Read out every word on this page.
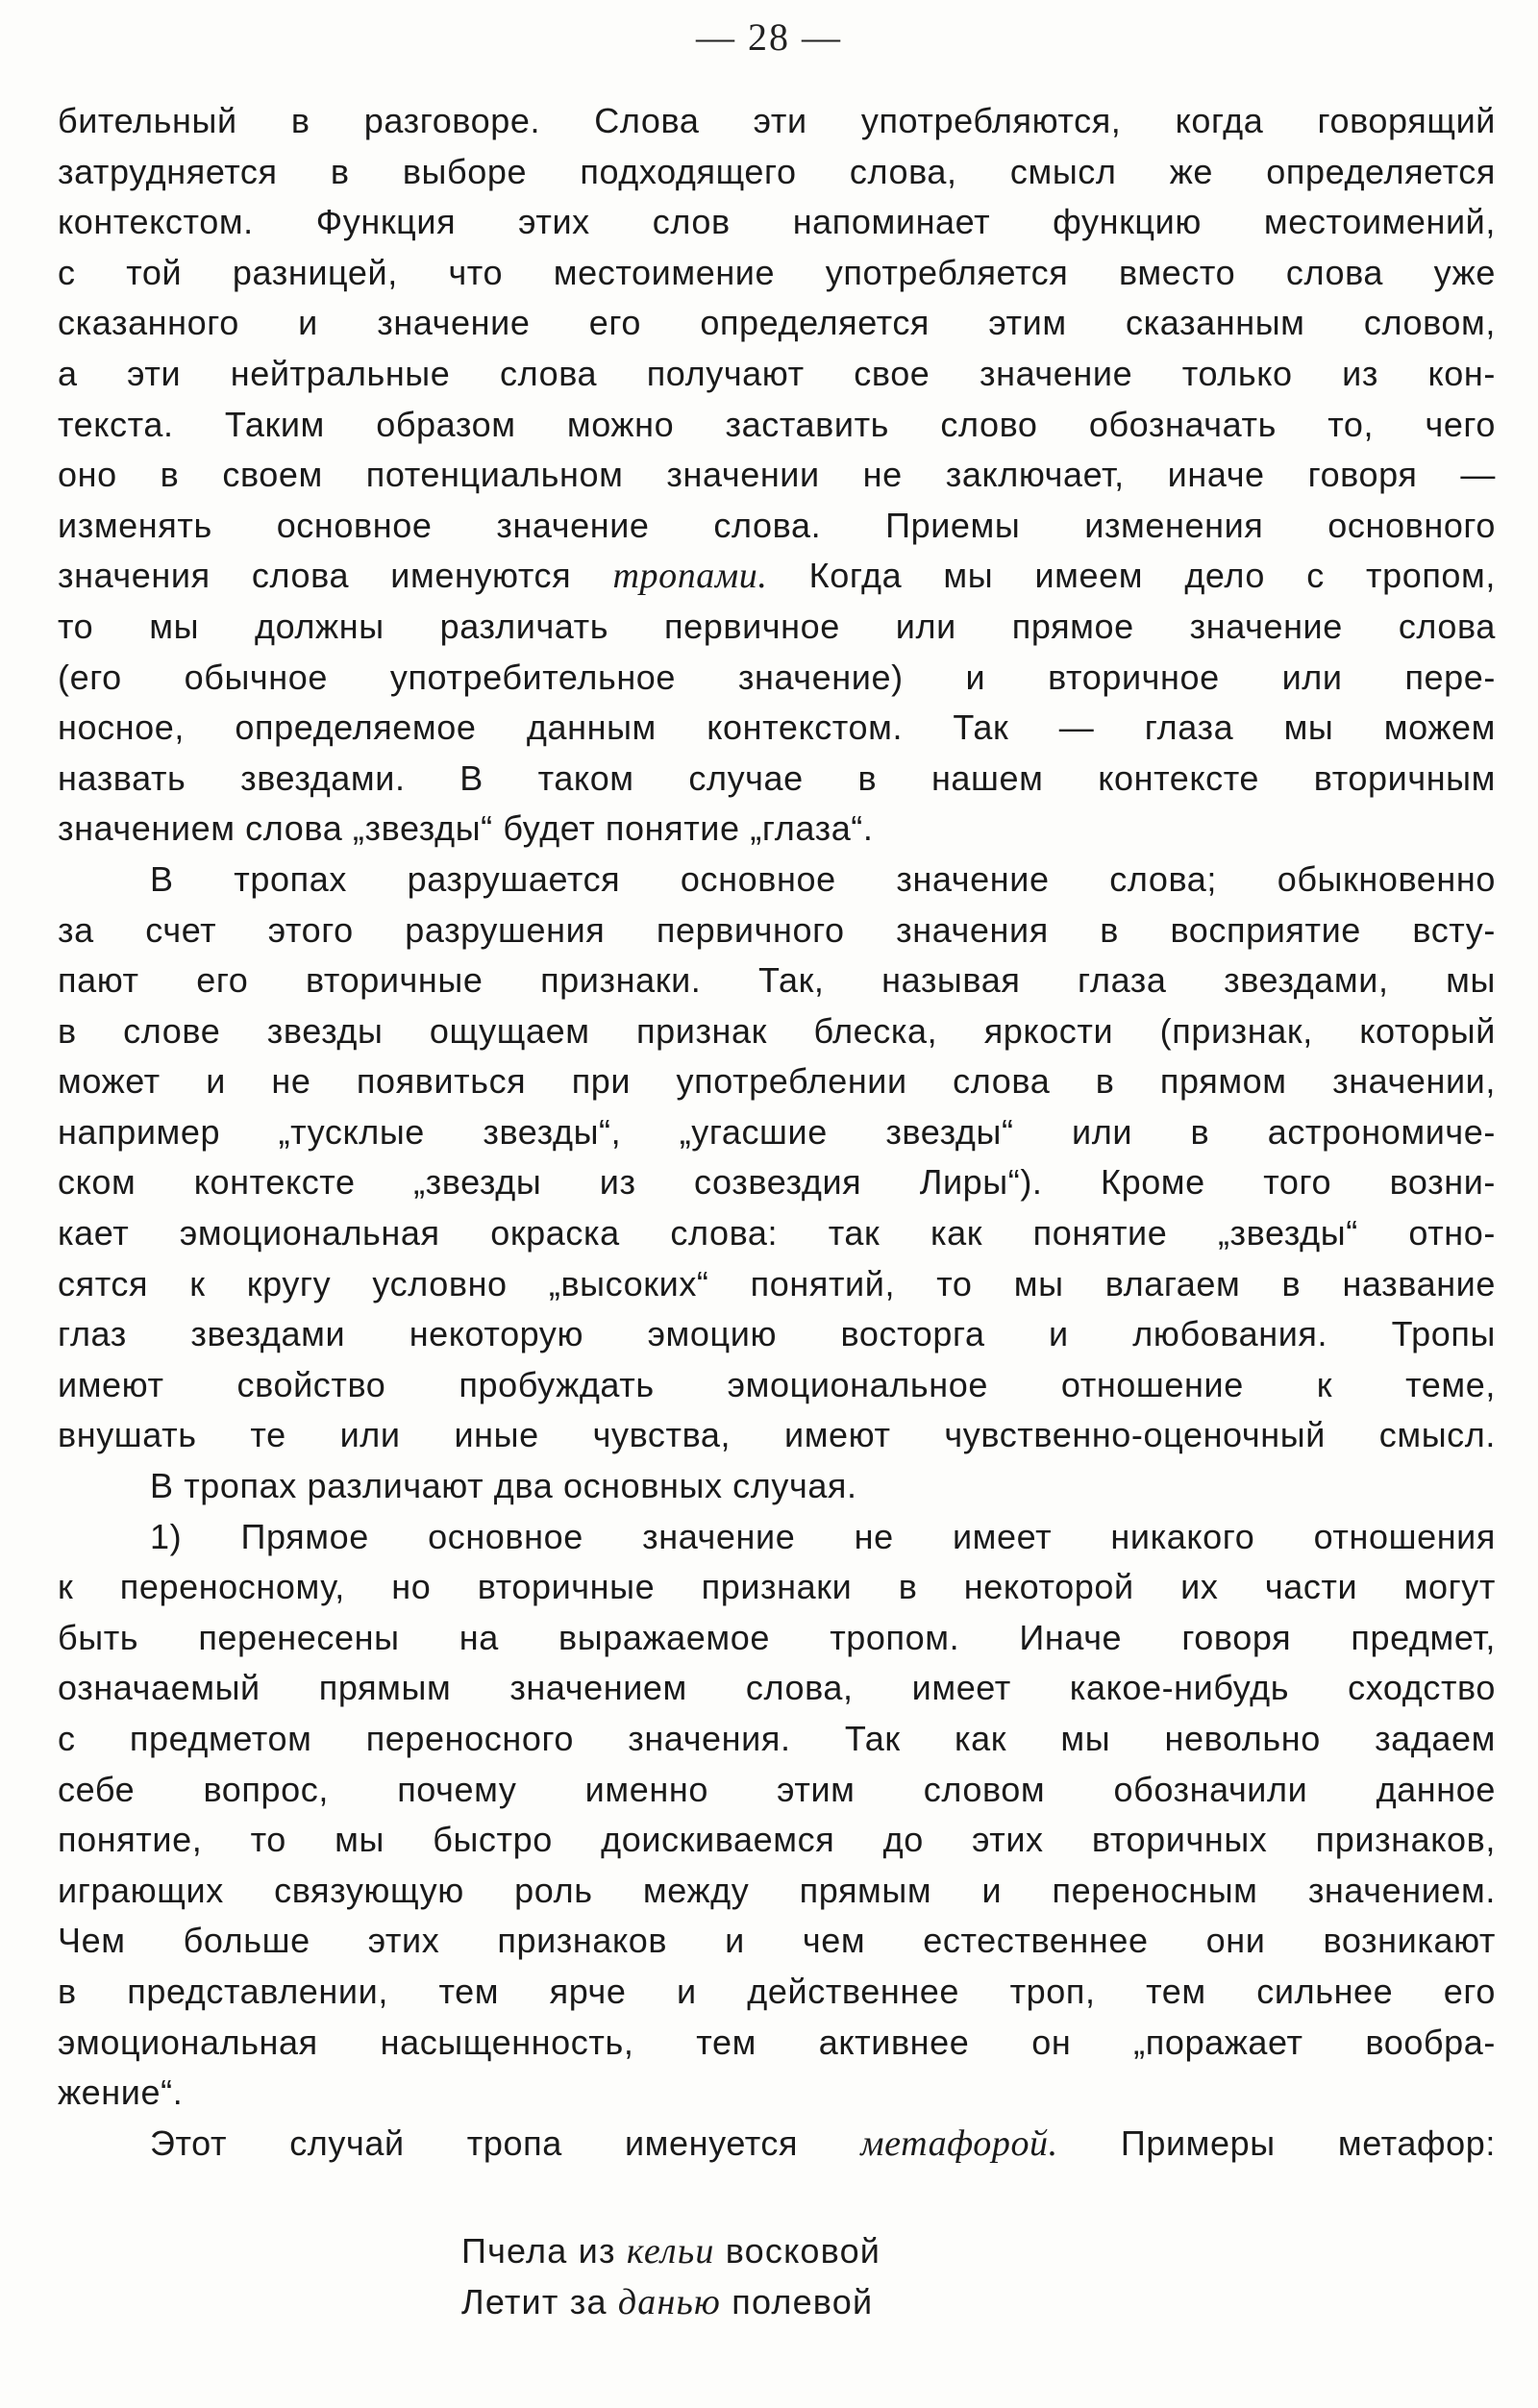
— 28 —
бительный в разговоре. Слова эти употребляются, когда говорящий
затрудняется в выборе подходящего слова, смысл же определяется
контекстом. Функция этих слов напоминает функцию местоимений,
с той разницей, что местоимение употребляется вместо слова уже
сказанного и значение его определяется этим сказанным словом,
а эти нейтральные слова получают свое значение только из кон-
текста. Таким образом можно заставить слово обозначать то, чего
оно в своем потенциальном значении не заключает, иначе говоря —
изменять основное значение слова. Приемы изменения основного
значения слова именуются тропами. Когда мы имеем дело с тропом,
то мы должны различать первичное или прямое значение слова
(его обычное употребительное значение) и вторичное или пере-
носное, определяемое данным контекстом. Так — глаза мы можем
назвать звездами. В таком случае в нашем контексте вторичным
значением слова „звезды“ будет понятие „глаза“.
В тропах разрушается основное значение слова; обыкновенно
за счет этого разрушения первичного значения в восприятие всту-
пают его вторичные признаки. Так, называя глаза звездами, мы
в слове звезды ощущаем признак блеска, яркости (признак, который
может и не появиться при употреблении слова в прямом значении,
например „тусклые звезды“, „угасшие звезды“ или в астрономиче-
ском контексте „звезды из созвездия Лиры“). Кроме того возни-
кает эмоциональная окраска слова: так как понятие „звезды“ отно-
сятся к кругу условно „высоких“ понятий, то мы влагаем в название
глаз звездами некоторую эмоцию восторга и любования. Тропы
имеют свойство пробуждать эмоциональное отношение к теме,
внушать те или иные чувства, имеют чувственно-оценочный смысл.
В тропах различают два основных случая.
1) Прямое основное значение не имеет никакого отношения
к переносному, но вторичные признаки в некоторой их части могут
быть перенесены на выражаемое тропом. Иначе говоря предмет,
означаемый прямым значением слова, имеет какое-нибудь сходство
с предметом переносного значения. Так как мы невольно задаем
себе вопрос, почему именно этим словом обозначили данное
понятие, то мы быстро доискиваемся до этих вторичных признаков,
играющих связующую роль между прямым и переносным значением.
Чем больше этих признаков и чем естественнее они возникают
в представлении, тем ярче и действеннее троп, тем сильнее его
эмоциональная насыщенность, тем активнее он „поражает вообра-
жение“.
Этот случай тропа именуется метафорой. Примеры метафор:
Пчела из кельи восковой
Летит за данью полевой
